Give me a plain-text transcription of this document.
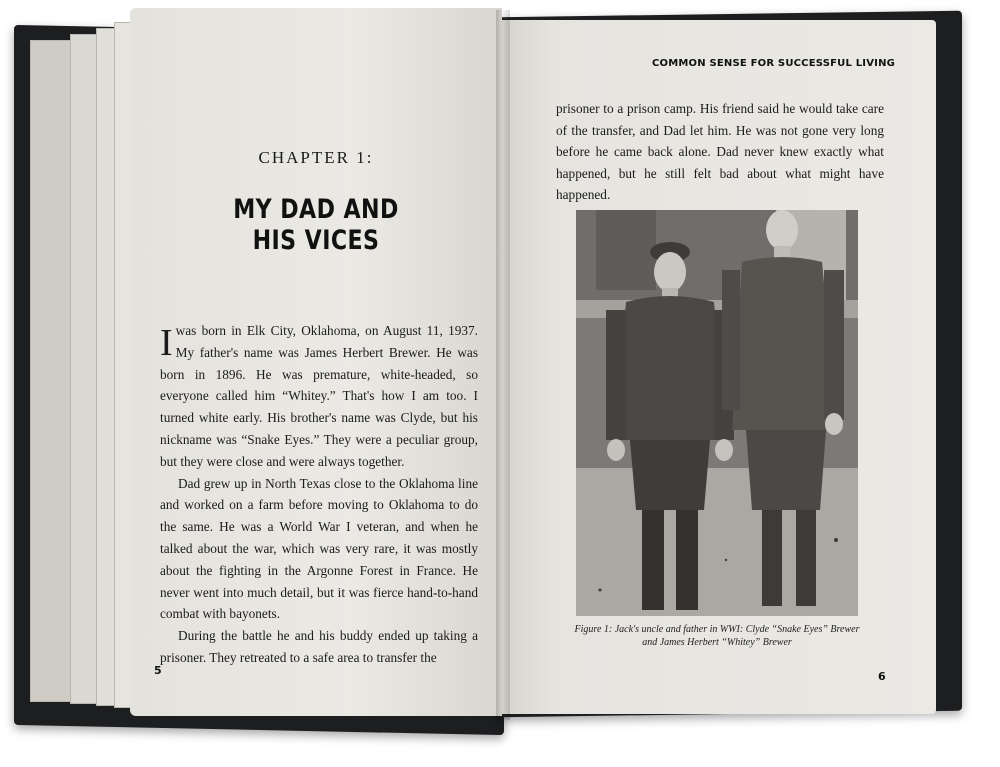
CHAPTER 1:
MY DAD AND
HIS VICES

Iwas born in Elk City, Oklahoma, on August 11, 1937. My father's name was James Herbert Brewer. He was born in 1896. He was premature, white-headed, so everyone called him “Whitey.” That's how I am too. I turned white early. His brother's name was Clyde, but his nickname was “Snake Eyes.” They were a peculiar group, but they were close and were always together.

Dad grew up in North Texas close to the Oklahoma line and worked on a farm before moving to Oklahoma to do the same. He was a World War I veteran, and when he talked about the war, which was very rare, it was mostly about the fighting in the Argonne Forest in France. He never went into much detail, but it was fierce hand-to-hand combat with bayonets.

During the battle he and his buddy ended up taking a prisoner. They retreated to a safe area to transfer the

5
COMMON SENSE FOR SUCCESSFUL LIVING

prisoner to a prison camp. His friend said he would take care of the transfer, and Dad let him. He was not gone very long before he came back alone. Dad never knew exactly what happened, but he still felt bad about what might have happened.

Figure 1: Jack's uncle and father in WWI: Clyde “Snake Eyes” Brewer
and James Herbert “Whitey” Brewer
6
